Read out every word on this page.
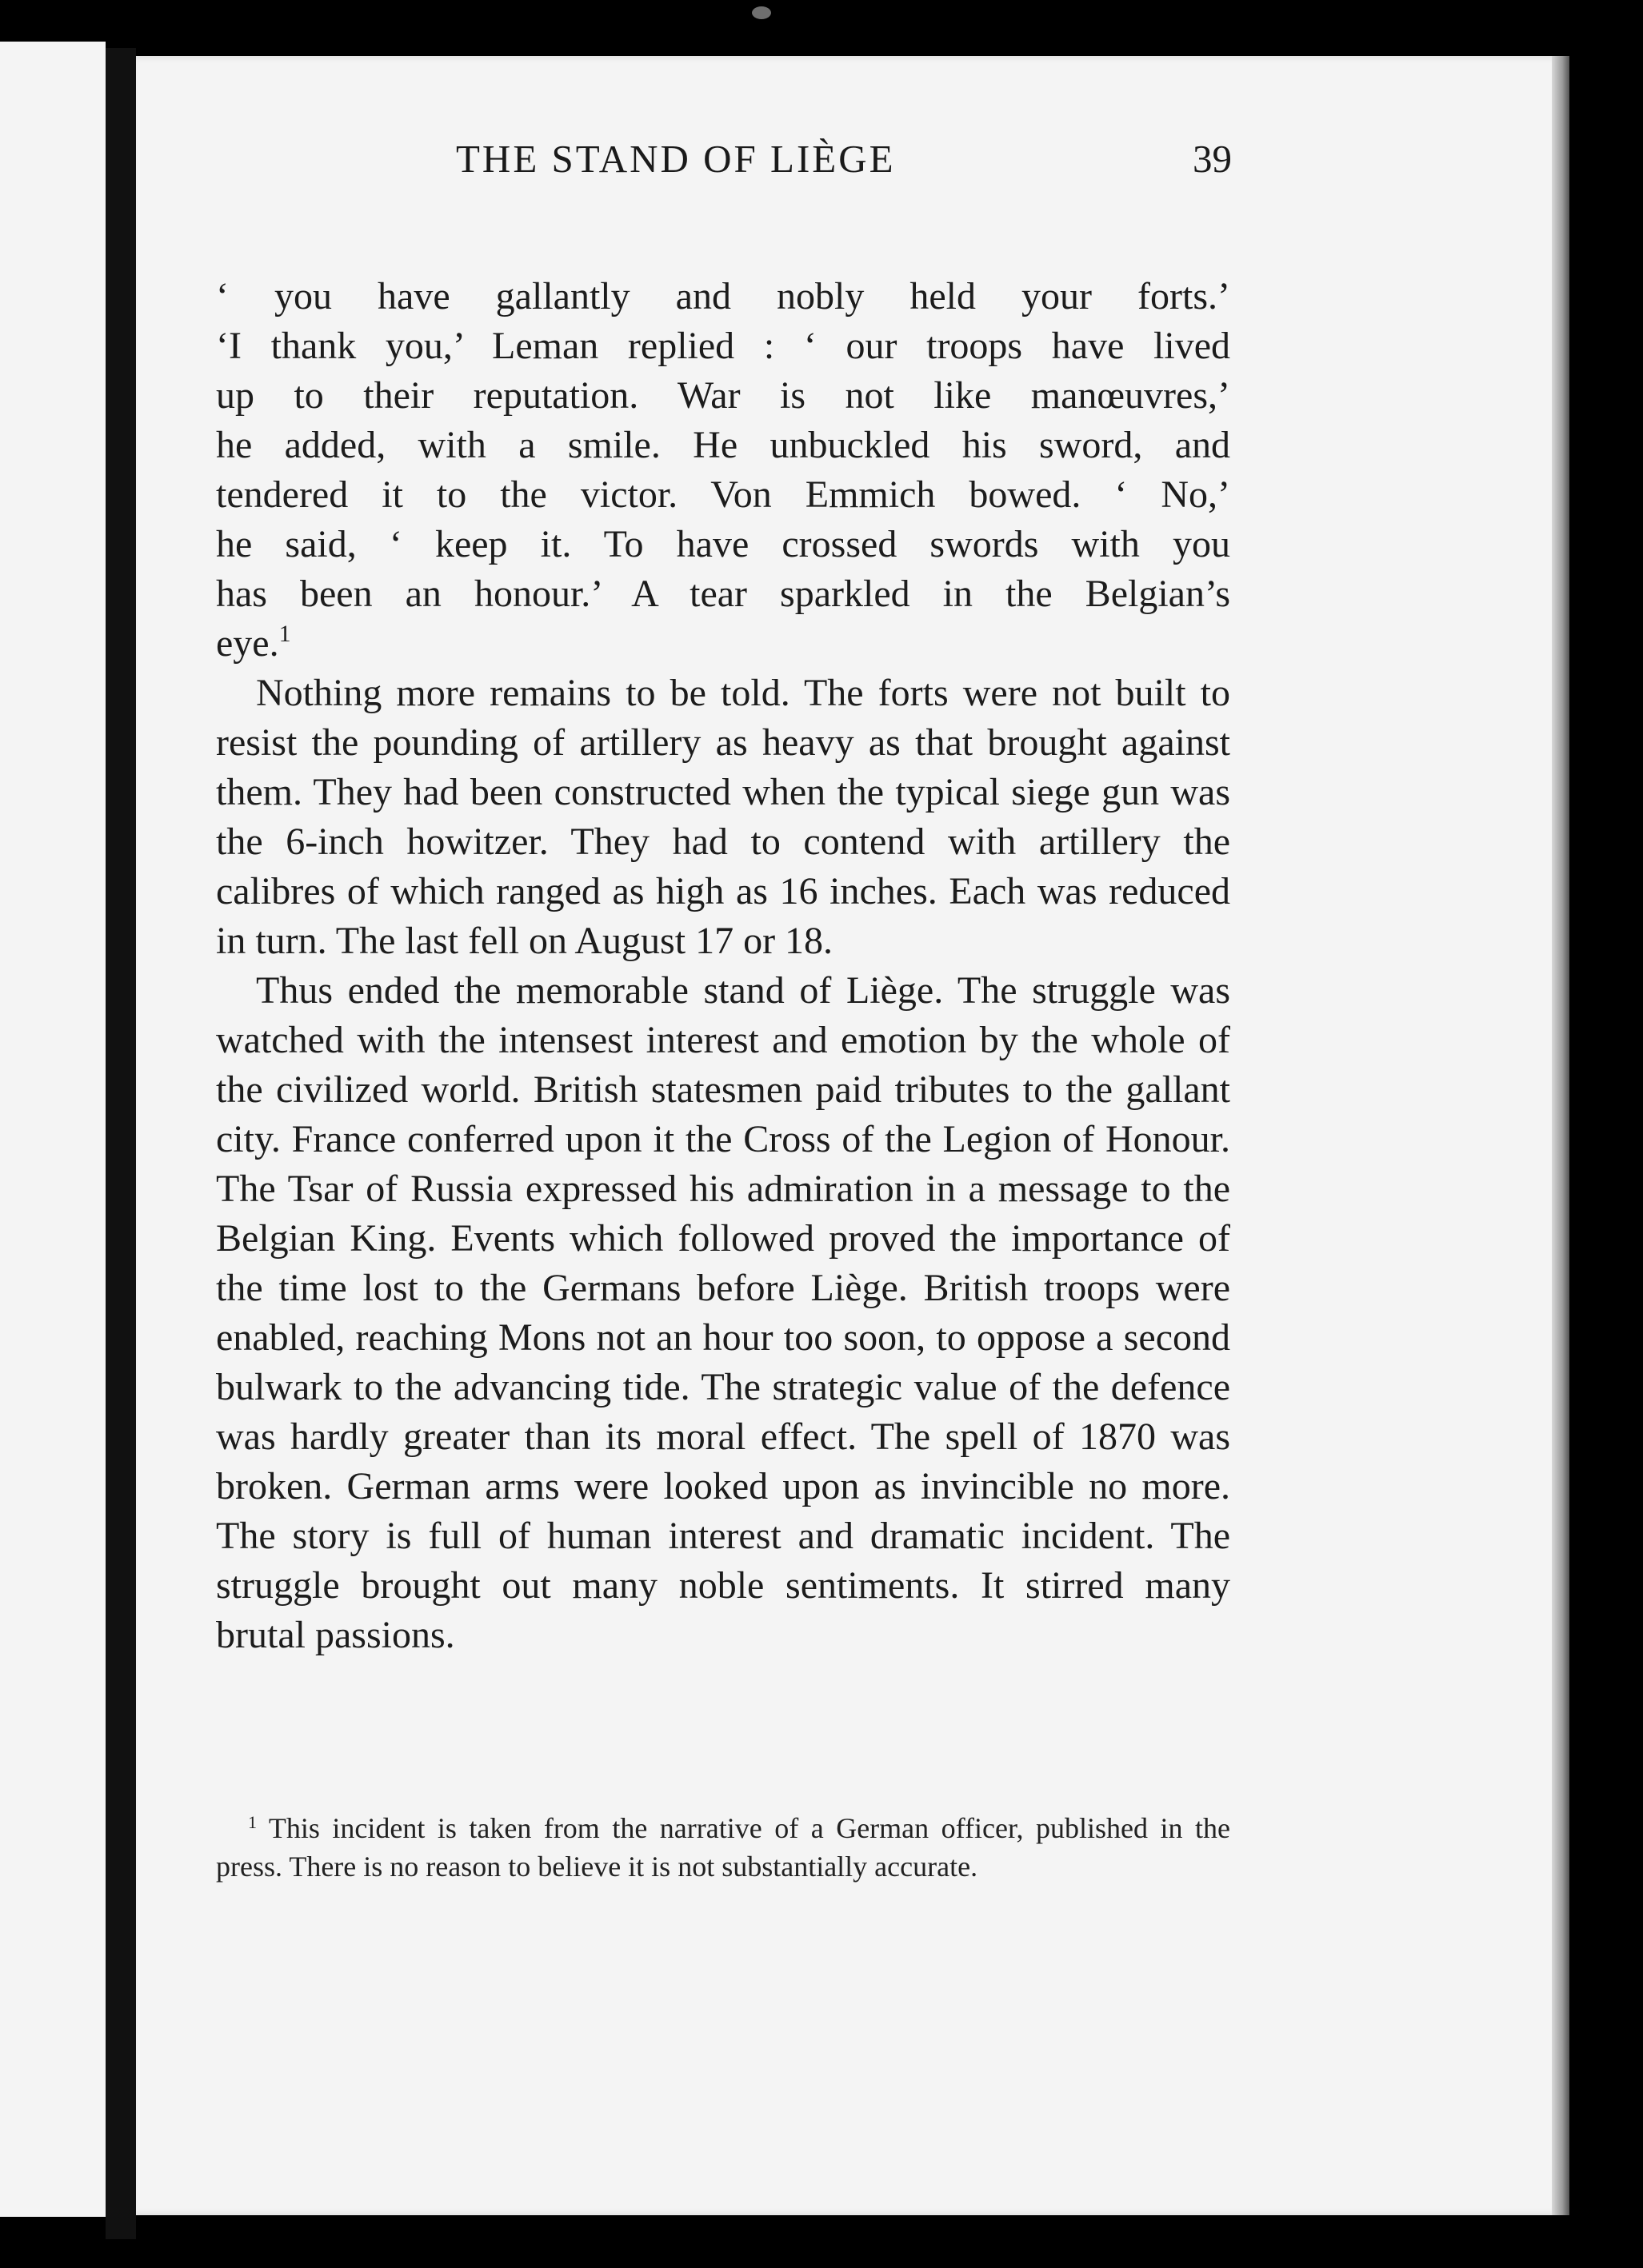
THE STAND OF LIÈGE	39
‘ you have gallantly and nobly held your forts.’
‘I thank you,’ Leman replied : ‘ our troops have lived
up to their reputation. War is not like manœuvres,’
he added, with a smile. He unbuckled his sword, and
tendered it to the victor. Von Emmich bowed. ‘ No,’
he said, ‘ keep it. To have crossed swords with you
has been an honour.’ A tear sparkled in the Belgian’s
eye.$^1$

Nothing more remains to be told. The forts were not built to resist the pounding of artillery as heavy as that brought against them. They had been constructed when the typical siege gun was the 6-inch howitzer. They had to contend with artillery the calibres of which ranged as high as 16 inches. Each was reduced in turn. The last fell on August 17 or 18.

Thus ended the memorable stand of Liège. The struggle was watched with the intensest interest and emotion by the whole of the civilized world. British statesmen paid tributes to the gallant city. France conferred upon it the Cross of the Legion of Honour. The Tsar of Russia expressed his admiration in a message to the Belgian King. Events which followed proved the importance of the time lost to the Germans before Liège. British troops were enabled, reaching Mons not an hour too soon, to oppose a second bulwark to the advancing tide. The strategic value of the defence was hardly greater than its moral effect. The spell of 1870 was broken. German arms were looked upon as invincible no more. The story is full of human interest and dramatic incident. The struggle brought out many noble sentiments. It stirred many brutal passions.

$^1$ This incident is taken from the narrative of a German officer, published in the press. There is no reason to believe it is not substantially accurate.
